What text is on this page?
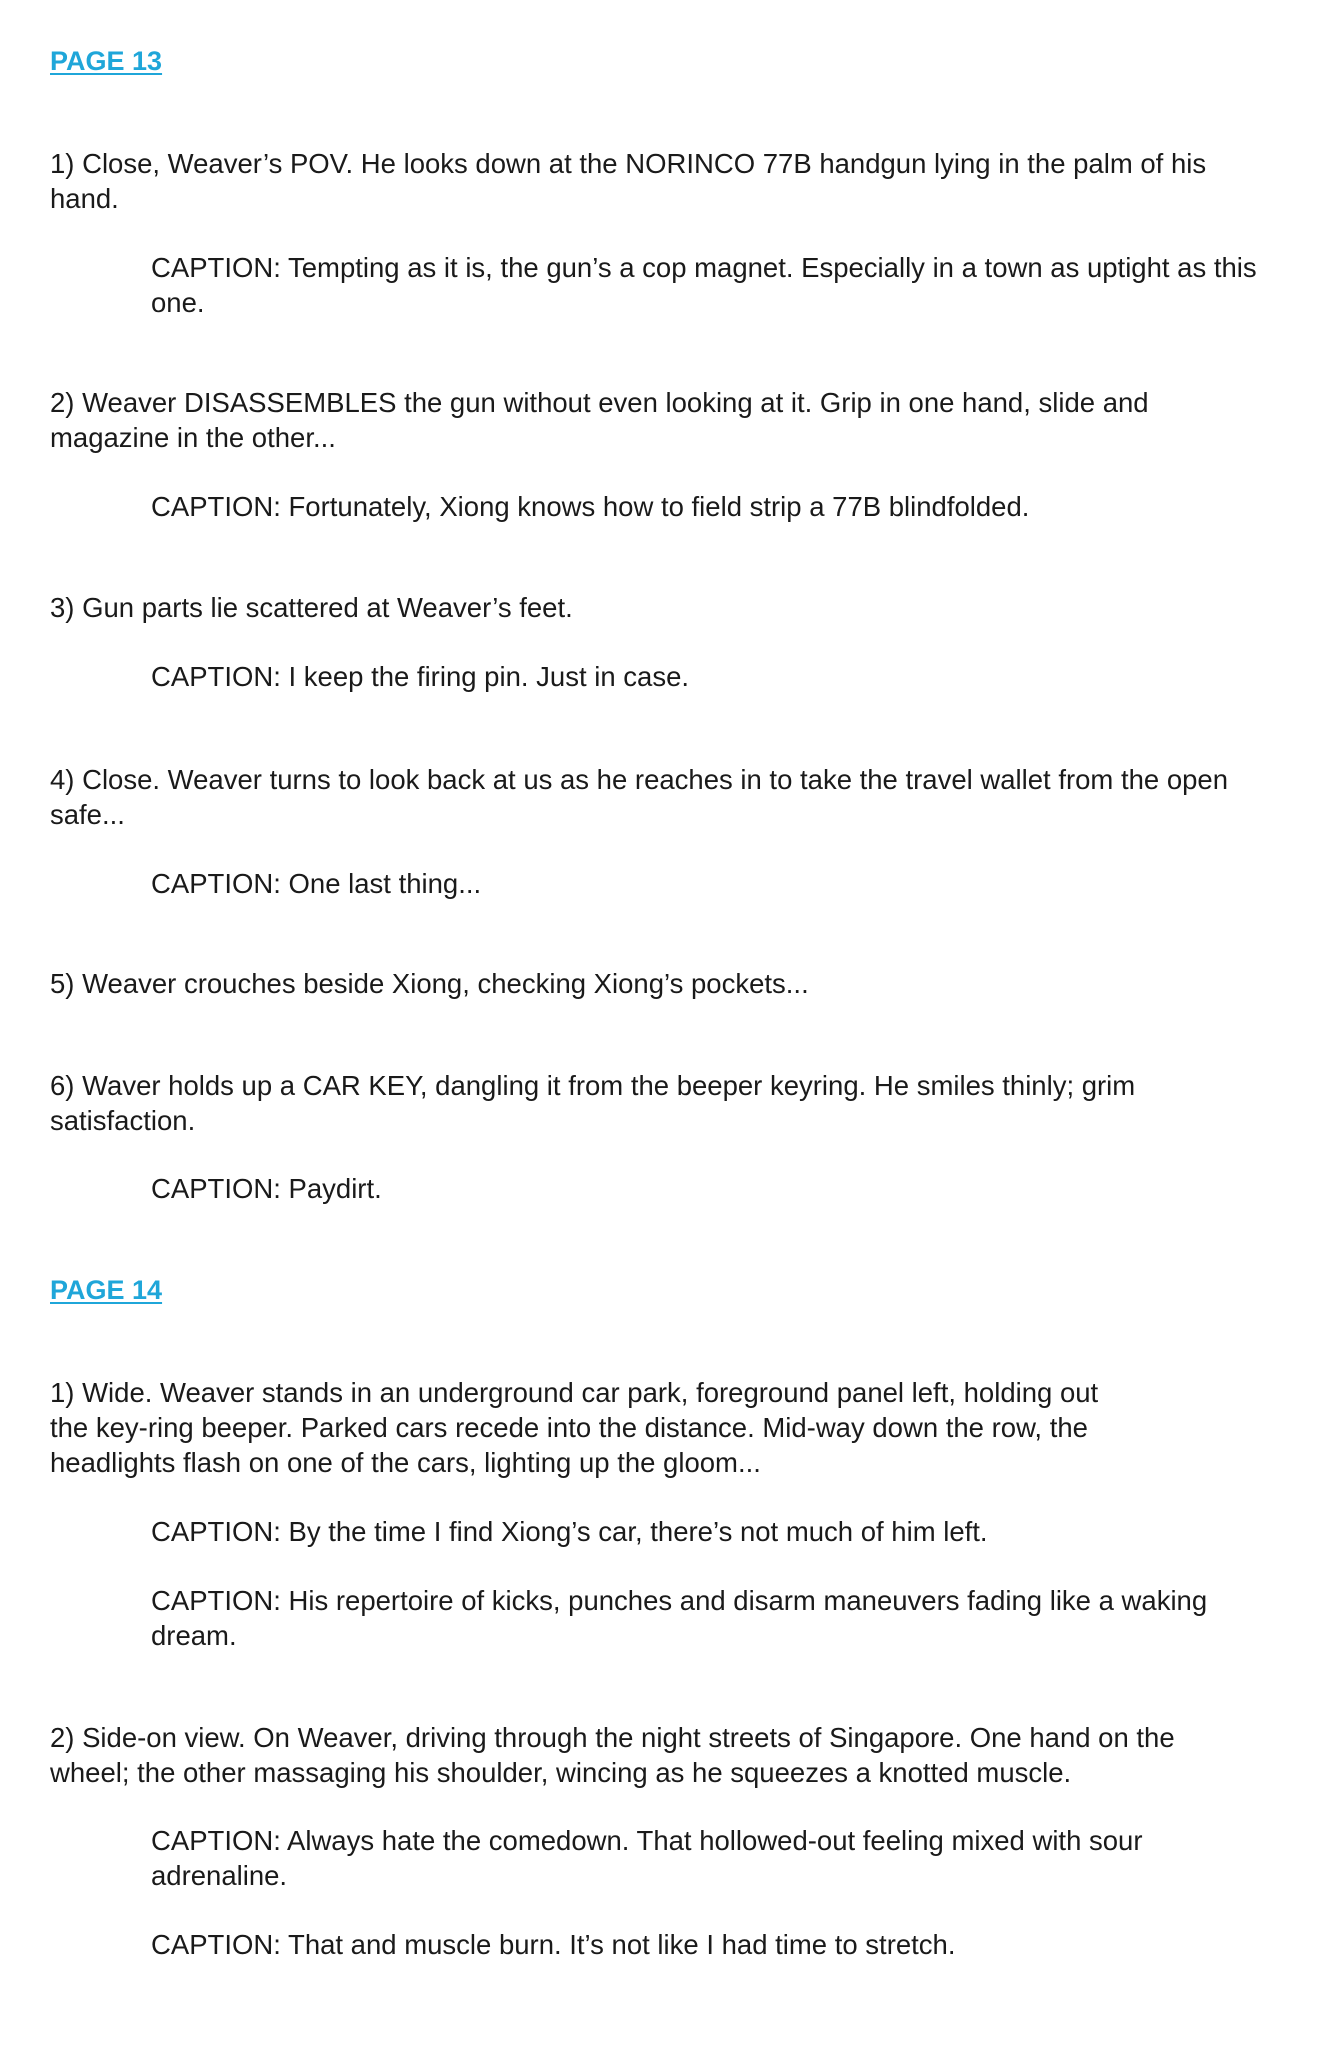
PAGE 13

1) Close, Weaver’s POV. He looks down at the NORINCO 77B handgun lying in the palm of his hand.

CAPTION: Tempting as it is, the gun’s a cop magnet. Especially in a town as uptight as this one.

2) Weaver DISASSEMBLES the gun without even looking at it. Grip in one hand, slide and magazine in the other...

CAPTION: Fortunately, Xiong knows how to field strip a 77B blindfolded.

3) Gun parts lie scattered at Weaver’s feet.

CAPTION: I keep the firing pin. Just in case.

4) Close. Weaver turns to look back at us as he reaches in to take the travel wallet from the open safe...

CAPTION: One last thing...

5) Weaver crouches beside Xiong, checking Xiong’s pockets...

6) Waver holds up a CAR KEY, dangling it from the beeper keyring. He smiles thinly; grim satisfaction.

CAPTION: Paydirt.

PAGE 14

1) Wide. Weaver stands in an underground car park, foreground panel left, holding out
the key-ring beeper. Parked cars recede into the distance. Mid-way down the row, the
headlights flash on one of the cars, lighting up the gloom...

CAPTION: By the time I find Xiong’s car, there’s not much of him left.

CAPTION: His repertoire of kicks, punches and disarm maneuvers fading like a waking dream.

2) Side-on view. On Weaver, driving through the night streets of Singapore. One hand on the wheel; the other massaging his shoulder, wincing as he squeezes a knotted muscle.

CAPTION: Always hate the comedown. That hollowed-out feeling mixed with sour adrenaline.

CAPTION: That and muscle burn. It’s not like I had time to stretch.
